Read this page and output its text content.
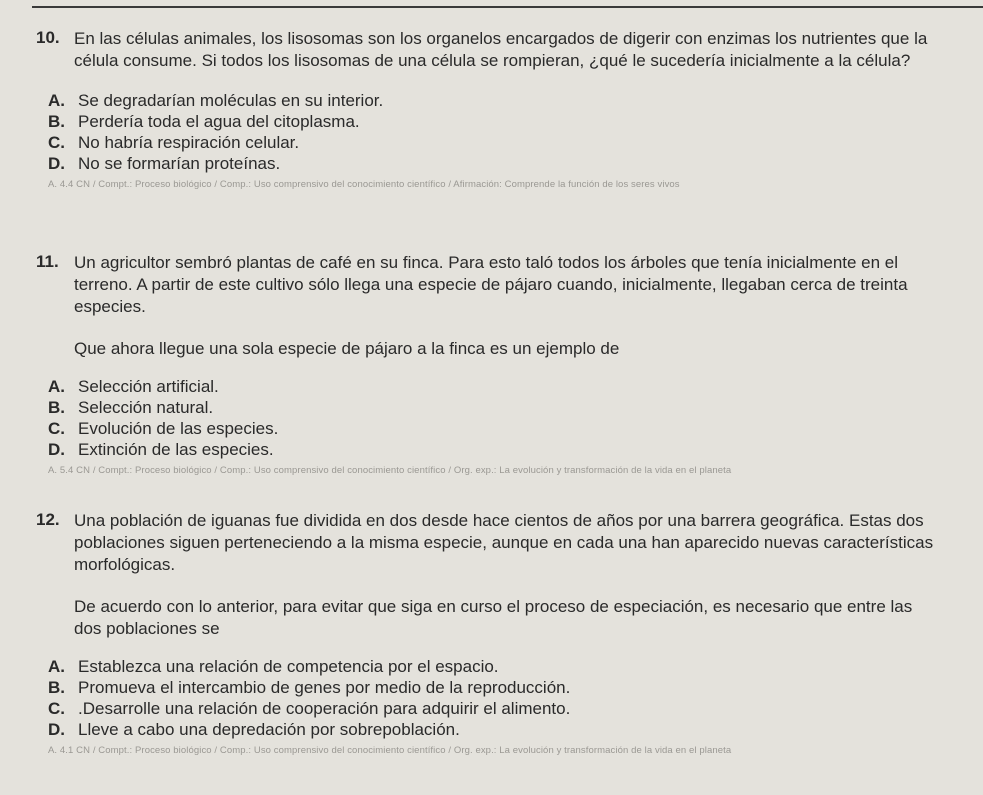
10. En las células animales, los lisosomas son los organelos encargados de digerir con enzimas los nutrientes que la célula consume. Si todos los lisosomas de una célula se rompieran, ¿qué le sucedería inicialmente a la célula?
A. Se degradarían moléculas en su interior.
B. Perdería toda el agua del citoplasma.
C. No habría respiración celular.
D. No se formarían proteínas.
A. 4.4 CN / Compt.: Proceso biológico / Comp.: Uso comprensivo del conocimiento científico / Afirmación: Comprende la función de los seres vivos
11. Un agricultor sembró plantas de café en su finca. Para esto taló todos los árboles que tenía inicialmente en el terreno. A partir de este cultivo sólo llega una especie de pájaro cuando, inicialmente, llegaban cerca de treinta especies.
Que ahora llegue una sola especie de pájaro a la finca es un ejemplo de
A. Selección artificial.
B. Selección natural.
C. Evolución de las especies.
D. Extinción de las especies.
A. 5.4 CN / Compt.: Proceso biológico / Comp.: Uso comprensivo del conocimiento científico / Org. exp.: La evolución y transformación de la vida en el planeta
12. Una población de iguanas fue dividida en dos desde hace cientos de años por una barrera geográfica. Estas dos poblaciones siguen perteneciendo a la misma especie, aunque en cada una han aparecido nuevas características morfológicas.
De acuerdo con lo anterior, para evitar que siga en curso el proceso de especiación, es necesario que entre las dos poblaciones se
A. Establezca una relación de competencia por el espacio.
B. Promueva el intercambio de genes por medio de la reproducción.
C. .Desarrolle una relación de cooperación para adquirir el alimento.
D. Lleve a cabo una depredación por sobrepoblación.
A. 4.1 CN / Compt.: Proceso biológico / Comp.: Uso comprensivo del conocimiento científico / Org. exp.: La evolución y transformación de la vida en el planeta
